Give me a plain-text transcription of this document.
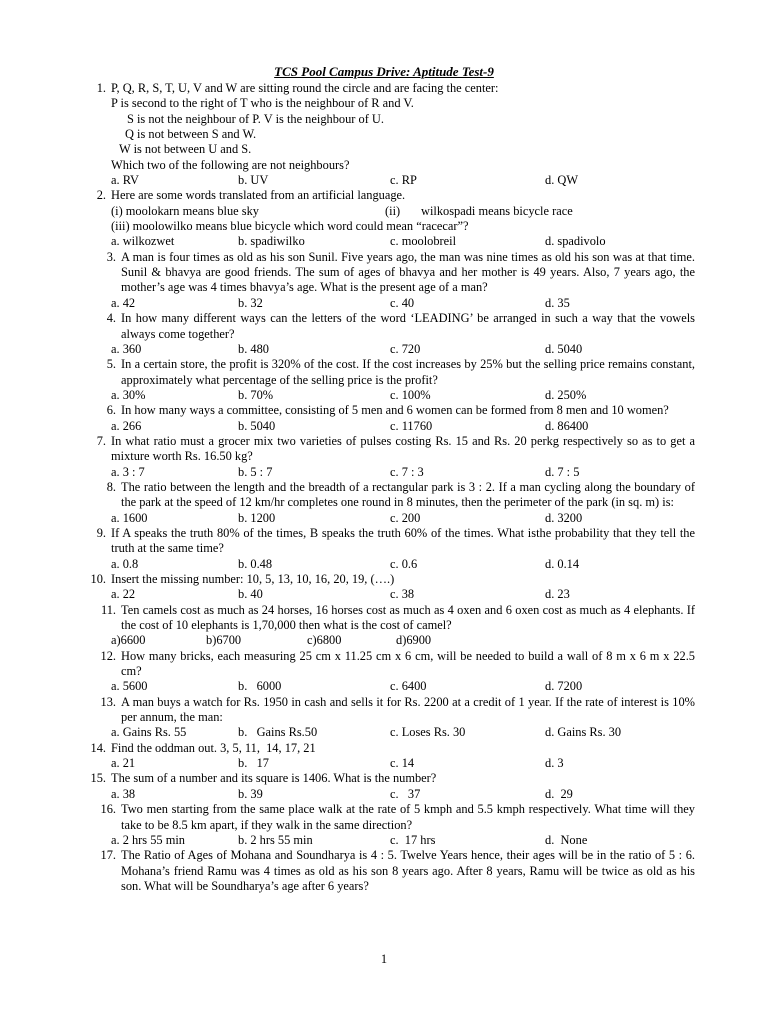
TCS Pool Campus Drive: Aptitude Test-9
1. P, Q, R, S, T, U, V and W are sitting round the circle and are facing the center:
P is second to the right of T who is the neighbour of R and V.
S is not the neighbour of P. V is the neighbour of U.
Q is not between S and W.
W is not between U and S.
Which two of the following are not neighbours?
a. RV	b. UV	c. RP	d. QW
2. Here are some words translated from an artificial language.
(i) moolokarn means blue sky	(ii) wilkospadi means bicycle race
(iii) moolowilko means blue bicycle which word could mean “racecar”?
a. wilkozwet	b. spadiwilko	c. moolobreil	d. spadivolo
3. A man is four times as old as his son Sunil. Five years ago, the man was nine times as old his son was at that time. Sunil & bhavya are good friends. The sum of ages of bhavya and her mother is 49 years. Also, 7 years ago, the mother’s age was 4 times bhavya’s age. What is the present age of a man?

a. 42	b. 32	c. 40	d. 35
4. In how many different ways can the letters of the word ‘LEADING’ be arranged in such a way that the vowels always come together?

a. 360	b. 480	c. 720	d. 5040
5. In a certain store, the profit is 320% of the cost. If the cost increases by 25% but the selling price remains constant, approximately what percentage of the selling price is the profit?

a. 30%	b. 70%	c. 100%	d. 250%
6. In how many ways a committee, consisting of 5 men and 6 women can be formed from 8 men and 10 women?

a. 266	b. 5040	c. 11760	d. 86400
7. In what ratio must a grocer mix two varieties of pulses costing Rs. 15 and Rs. 20 perkg respectively so as to get a mixture worth Rs. 16.50 kg?

a. 3 : 7	b. 5 : 7	c. 7 : 3	d. 7 : 5
8. The ratio between the length and the breadth of a rectangular park is 3 : 2. If a man cycling along the boundary of the park at the speed of 12 km/hr completes one round in 8 minutes, then the perimeter of the park (in sq. m) is:

a. 1600	b. 1200	c. 200	d. 3200
9. If A speaks the truth 80% of the times, B speaks the truth 60% of the times. What isthe probability that they tell the truth at the same time?

a. 0.8	b. 0.48	c. 0.6	d. 0.14
10. Insert the missing number: 10, 5, 13, 10, 16, 20, 19, (….)

a. 22	b. 40	c. 38	d. 23
11. Ten camels cost as much as 24 horses, 16 horses cost as much as 4 oxen and 6 oxen cost as much as 4 elephants. If the cost of 10 elephants is 1,70,000 then what is the cost of camel?

a)6600	b)6700	c)6800	d)6900
12. How many bricks, each measuring 25 cm x 11.25 cm x 6 cm, will be needed to build a wall of 8 m x 6 m x 22.5 cm?

a. 5600	b.   6000	c. 6400	d. 7200
13. A man buys a watch for Rs. 1950 in cash and sells it for Rs. 2200 at a credit of 1 year. If the rate of interest is 10% per annum, the man:

a. Gains Rs. 55	b.   Gains Rs.50	c. Loses Rs. 30	d. Gains Rs. 30
14. Find the oddman out. 3, 5, 11,  14, 17, 21

a. 21	b.   17	c. 14	d. 3
15. The sum of a number and its square is 1406. What is the number?

a. 38	b. 39	c.   37	d.  29
16. Two men starting from the same place walk at the rate of 5 kmph and 5.5 kmph respectively. What time will they take to be 8.5 km apart, if they walk in the same direction?

a. 2 hrs 55 min	b. 2 hrs 55 min	c.  17 hrs	d.  None
17. The Ratio of Ages of Mohana and Soundharya is 4 : 5. Twelve Years hence, their ages will be in the ratio of 5 : 6. Mohana’s friend Ramu was 4 times as old as his son 8 years ago. After 8 years, Ramu will be twice as old as his son. What will be Soundharya’s age after 6 years?

1
